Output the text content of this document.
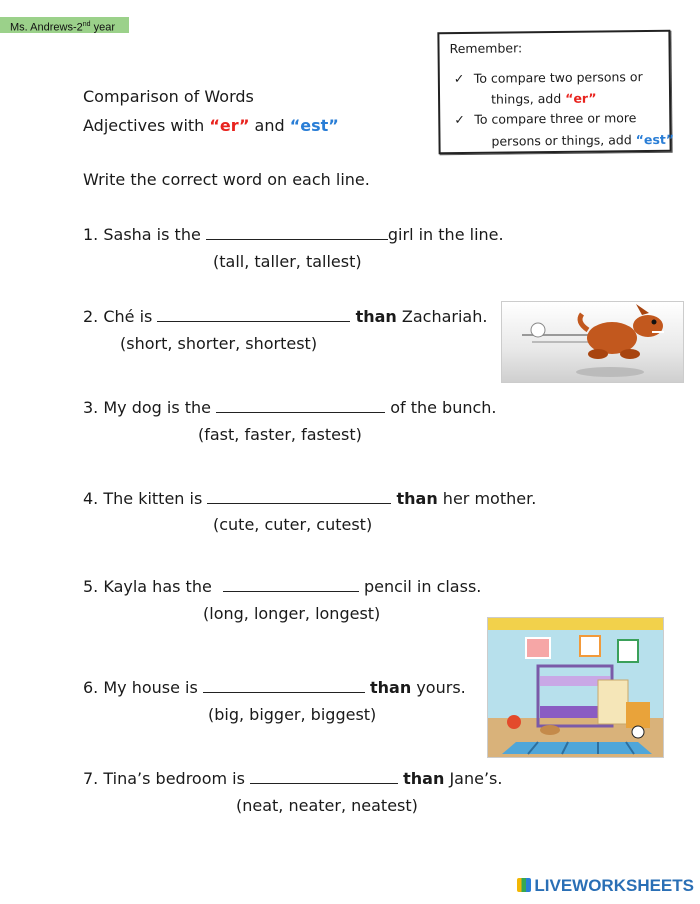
Ms. Andrews-2nd year
Comparison of Words
Adjectives with “er” and “est”
Remember:
✓ To compare two persons or
things, add “er”
✓ To compare three or more
persons or things, add “est”
Write the correct word on each line.
1. Sasha is the	girl in the line.
(tall, taller, tallest)
2. Ché is	than Zachariah.
(short, shorter, shortest)
3. My dog is the	of the bunch.
(fast, faster, fastest)
4. The kitten is	than her mother.
(cute, cuter, cutest)
5. Kayla has the	pencil in class.
(long, longer, longest)
6. My house is	than yours.
(big, bigger, biggest)
7. Tina’s bedroom is	than Jane’s.
(neat, neater, neatest)
LIVEWORKSHEETS
